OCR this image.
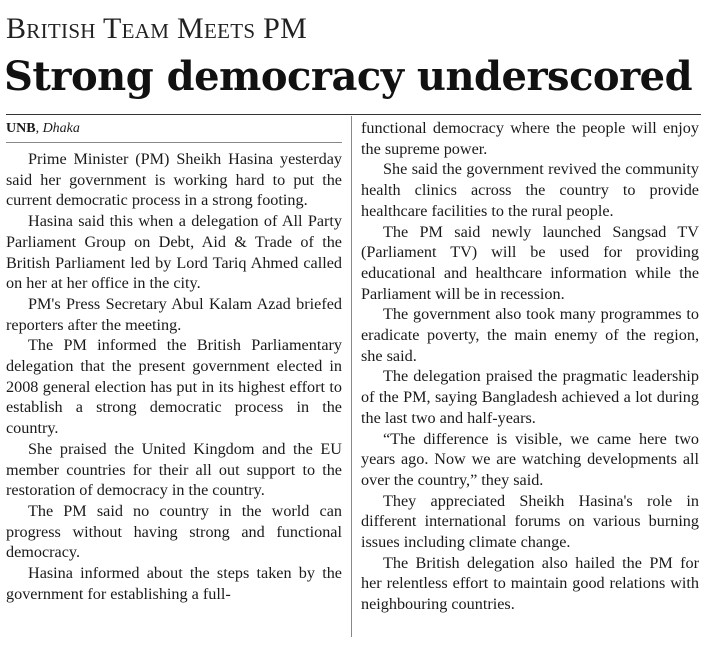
British Team Meets PM
Strong democracy underscored
UNB, Dhaka

Prime Minister (PM) Sheikh Hasina yesterday said her government is working hard to put the current democratic process in a strong footing.

Hasina said this when a delegation of All Party Parliament Group on Debt, Aid & Trade of the British Parliament led by Lord Tariq Ahmed called on her at her office in the city.

PM's Press Secretary Abul Kalam Azad briefed reporters after the meeting.

The PM informed the British Parliamentary delegation that the present government elected in 2008 general election has put in its highest effort to establish a strong democratic process in the country.

She praised the United Kingdom and the EU member countries for their all out support to the restoration of democracy in the country.

The PM said no country in the world can progress without having strong and functional democracy.

Hasina informed about the steps taken by the government for establishing a full-

functional democracy where the people will enjoy the supreme power.

She said the government revived the community health clinics across the country to provide healthcare facilities to the rural people.

The PM said newly launched Sangsad TV (Parliament TV) will be used for providing educational and healthcare information while the Parliament will be in recession.

The government also took many programmes to eradicate poverty, the main enemy of the region, she said.

The delegation praised the pragmatic leadership of the PM, saying Bangladesh achieved a lot during the last two and half-years.

“The difference is visible, we came here two years ago. Now we are watching developments all over the country,” they said.

They appreciated Sheikh Hasina's role in different international forums on various burning issues including climate change.

The British delegation also hailed the PM for her relentless effort to maintain good relations with neighbouring countries.
